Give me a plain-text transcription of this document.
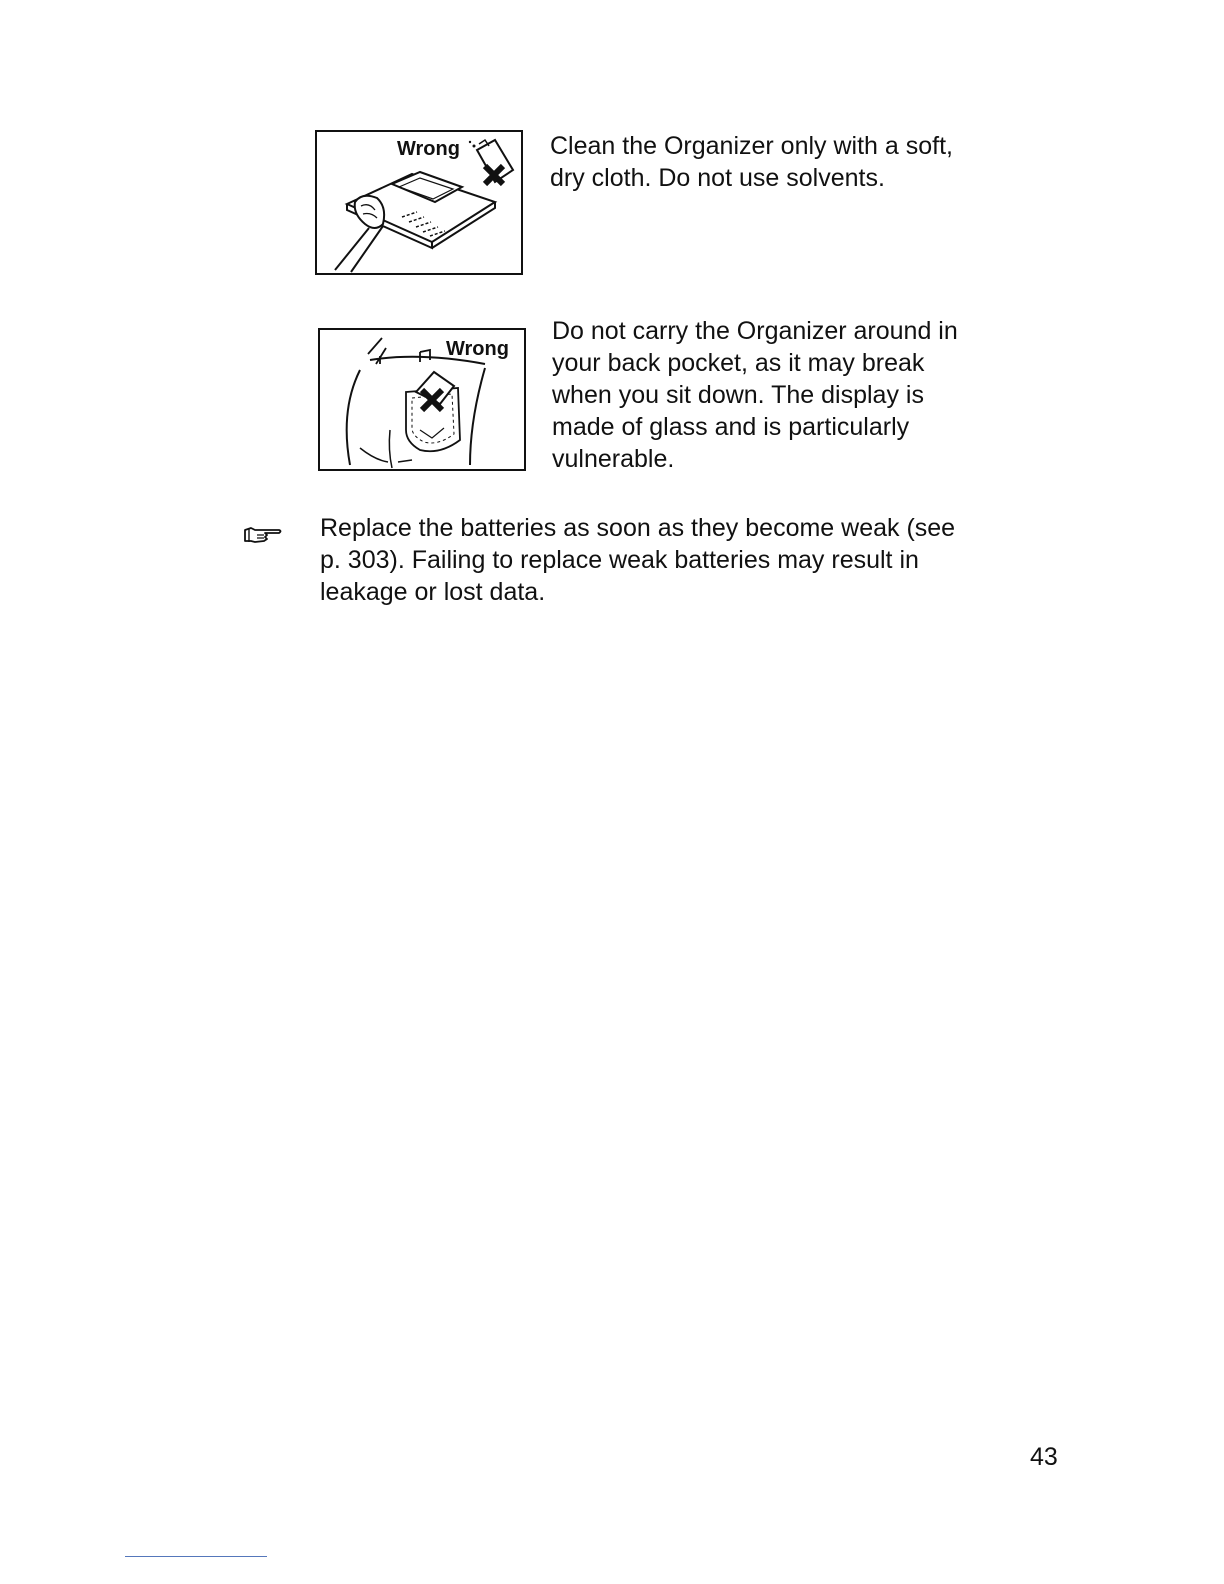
Wrong	Clean the Organizer only with a soft,
dry cloth. Do not use solvents.
Wrong
Do not carry the Organizer around in
your back pocket, as it may break
when you sit down. The display is
made of glass and is particularly
vulnerable.
Replace the batteries as soon as they become weak (see
p. 303). Failing to replace weak batteries may result in
leakage or lost data.
43
